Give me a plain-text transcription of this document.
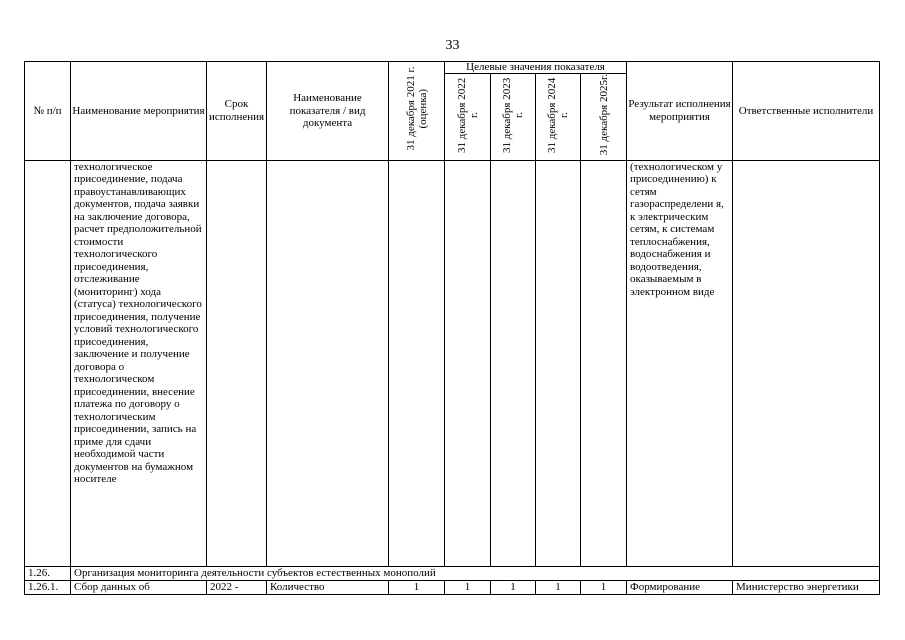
33
№ п/п	Наименование мероприятия	Срок исполнения	Наименование показателя / вид документа	31 декабря 2021 г. (оценка)	Целевые значения показателя				Результат исполнения мероприятия	Ответственные исполнители
					31 декабря 2022 г.	31 декабря 2023 г.	31 декабря 2024 г.	31 декабря 2025г.		
	технологическое присоединение, подача правоустанавливающих документов, подача заявки на заключение договора, расчет предположительной стоимости технологического присоединения, отслеживание (мониторинг) хода (статуса) технологического присоединения, получение условий технологического присоединения, заключение и получение договора о технологическом присоединении, внесение платежа по договору о технологическим присоединении, запись на приме для сдачи необходимой части документов на бумажном носителе								(технологическом у присоединению) к сетям газораспределени я, к электрическим сетям, к системам теплоснабжения, водоснабжения и водоотведения, оказываемым в электронном виде	
1.26.	Организация мониторинга деятельности субъектов естественных монополий									
1.26.1.	Сбор данных об	2022 -	Количество	1	1	1	1	1	Формирование	Министерство энергетики
